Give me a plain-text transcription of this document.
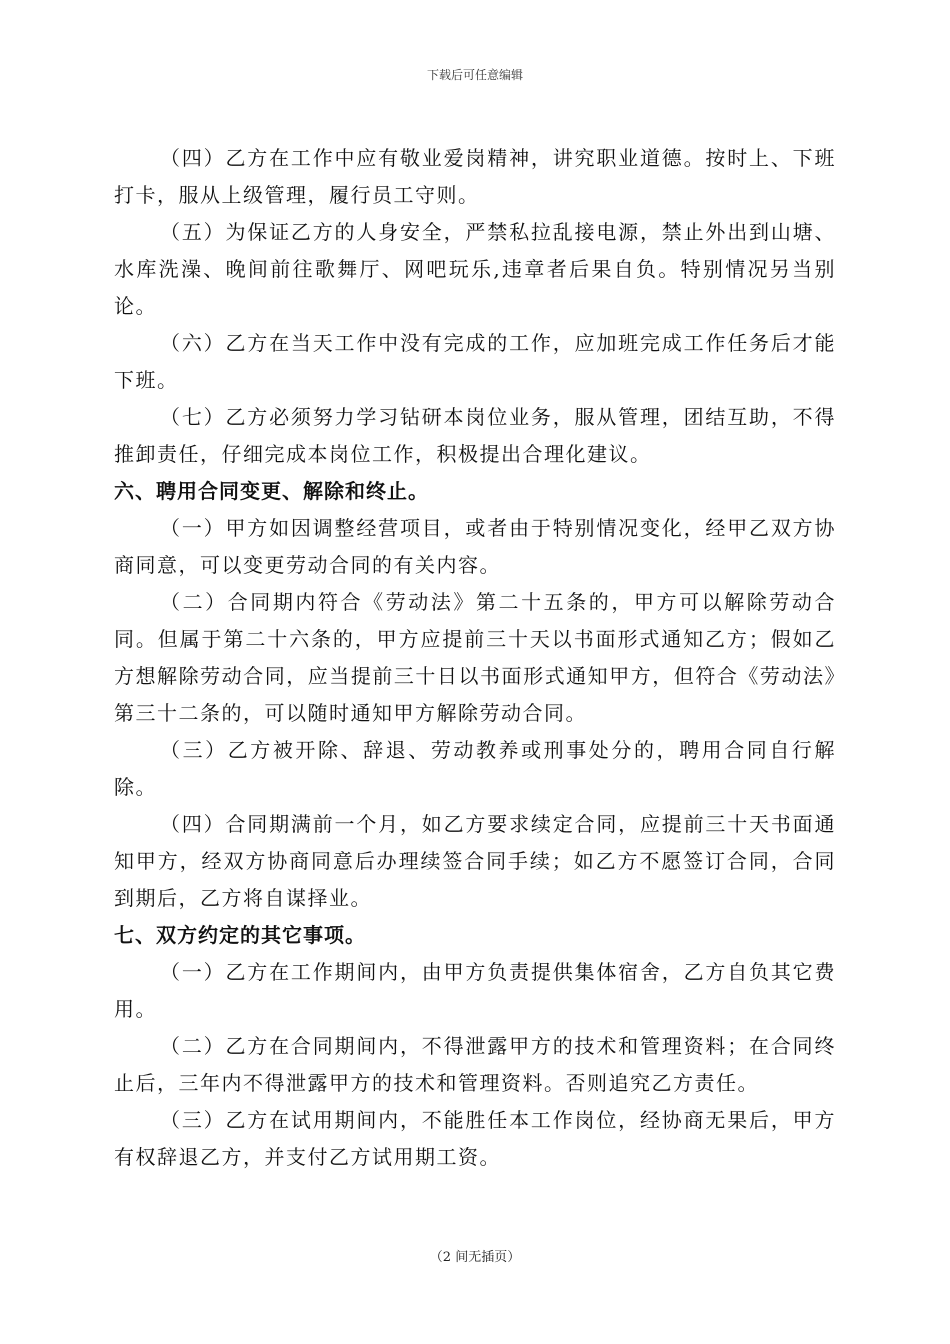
下载后可任意编辑

（四）乙方在工作中应有敬业爱岗精神，讲究职业道德。按时上、下班打卡，服从上级管理，履行员工守则。

（五）为保证乙方的人身安全，严禁私拉乱接电源，禁止外出到山塘、水库洗澡、晚间前往歌舞厅、网吧玩乐,违章者后果自负。特别情况另当别论。

（六）乙方在当天工作中没有完成的工作，应加班完成工作任务后才能下班。

（七）乙方必须努力学习钻研本岗位业务，服从管理，团结互助，不得推卸责任，仔细完成本岗位工作，积极提出合理化建议。

六、聘用合同变更、解除和终止。

（一）甲方如因调整经营项目，或者由于特别情况变化，经甲乙双方协商同意，可以变更劳动合同的有关内容。

（二）合同期内符合《劳动法》第二十五条的，甲方可以解除劳动合同。但属于第二十六条的，甲方应提前三十天以书面形式通知乙方；假如乙方想解除劳动合同，应当提前三十日以书面形式通知甲方，但符合《劳动法》第三十二条的，可以随时通知甲方解除劳动合同。

（三）乙方被开除、辞退、劳动教养或刑事处分的，聘用合同自行解除。

（四）合同期满前一个月，如乙方要求续定合同，应提前三十天书面通知甲方，经双方协商同意后办理续签合同手续；如乙方不愿签订合同，合同到期后，乙方将自谋择业。

七、双方约定的其它事项。

（一）乙方在工作期间内，由甲方负责提供集体宿舍，乙方自负其它费用。

（二）乙方在合同期间内，不得泄露甲方的技术和管理资料；在合同终止后，三年内不得泄露甲方的技术和管理资料。否则追究乙方责任。

（三）乙方在试用期间内，不能胜任本工作岗位，经协商无果后，甲方有权辞退乙方，并支付乙方试用期工资。

（2 间无插页）
